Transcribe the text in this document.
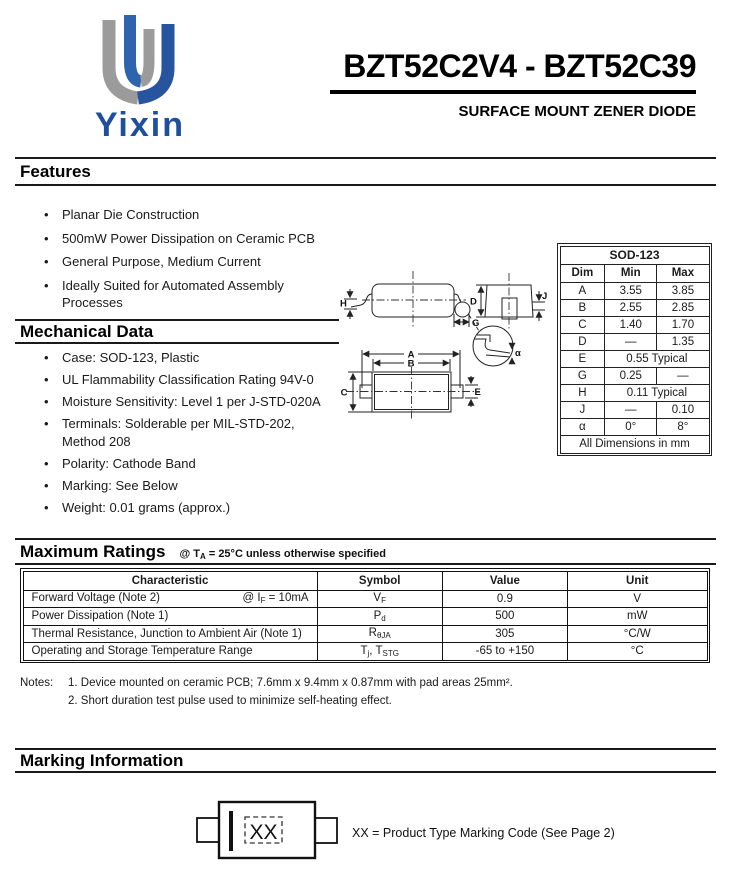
Yixin
BZT52C2V4 - BZT52C39
SURFACE MOUNT ZENER DIODE
Features
• Planar Die Construction
• 500mW Power Dissipation on Ceramic PCB
• General Purpose, Medium Current
• Ideally Suited for Automated Assembly Processes
Mechanical Data
• Case: SOD-123, Plastic
• UL Flammability Classification Rating 94V-0
• Moisture Sensitivity: Level 1 per J-STD-020A
• Terminals: Solderable per MIL-STD-202, Method 208
• Polarity: Cathode Band
• Marking: See Below
• Weight: 0.01 grams (approx.)
H
G
D	J
α
A
B
C	E
SOD-123		
Dim	Min	Max
A	3.55	3.85
B	2.55	2.85
C	1.40	1.70
D	—	1.35
E	0.55 Typical	
G	0.25	—
H	0.11 Typical	
J	—	0.10
α	0°	8°
All Dimensions in mm		
Maximum Ratings @ $T_A = 25^\circ C$ unless otherwise specified
Characteristic	Symbol	Value	Unit

Forward Voltage (Note 2) @ $I_F = 10mA$	$V_F$	0.9	V
Power Dissipation (Note 1)	$P_d$	500	mW
Thermal Resistance, Junction to Ambient Air (Note 1)	$R_{\theta JA}$	305	°C/W
Operating and Storage Temperature Range	$T_j$, $T_{STG}$	-65 to +150	°C
Notes:	1. Device mounted on ceramic PCB; 7.6mm x 9.4mm x 0.87mm with pad areas 25mm².
2. Short duration test pulse used to minimize self-heating effect.
Marking Information
XX	XX = Product Type Marking Code (See Page 2)
